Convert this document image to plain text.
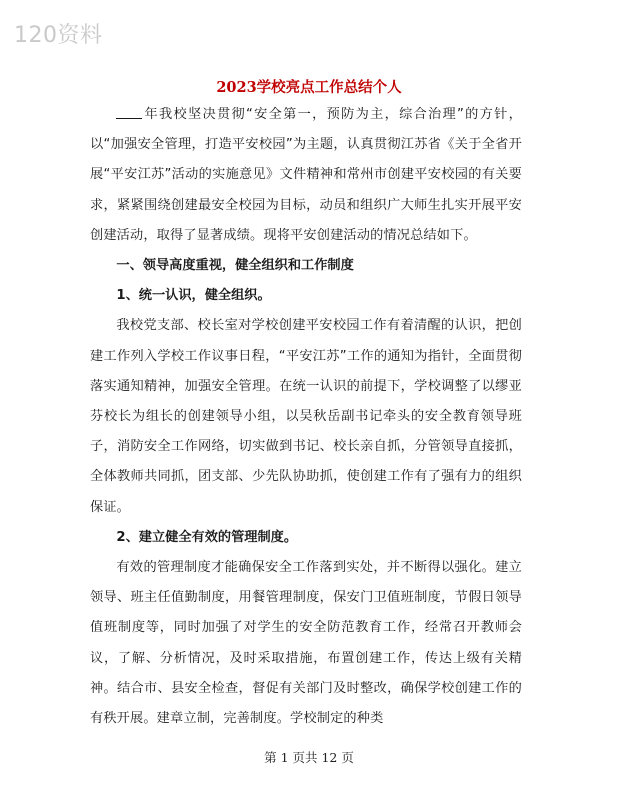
120资料
2023学校亮点工作总结个人

年我校坚决贯彻“安全第一，预防为主，综合治理”的方针，以“加强安全管理，打造平安校园”为主题，认真贯彻江苏省《关于全省开展“平安江苏”活动的实施意见》文件精神和常州市创建平安校园的有关要求，紧紧围绕创建最安全校园为目标，动员和组织广大师生扎实开展平安创建活动，取得了显著成绩。现将平安创建活动的情况总结如下。

一、领导高度重视，健全组织和工作制度

1、统一认识，健全组织。

我校党支部、校长室对学校创建平安校园工作有着清醒的认识，把创建工作列入学校工作议事日程，“平安江苏”工作的通知为指针，全面贯彻落实通知精神，加强安全管理。在统一认识的前提下，学校调整了以缪亚芬校长为组长的创建领导小组，以吴秋岳副书记牵头的安全教育领导班子，消防安全工作网络，切实做到书记、校长亲自抓，分管领导直接抓，全体教师共同抓，团支部、少先队协助抓，使创建工作有了强有力的组织保证。

2、建立健全有效的管理制度。

有效的管理制度才能确保安全工作落到实处，并不断得以强化。建立领导、班主任值勤制度，用餐管理制度，保安门卫值班制度，节假日领导值班制度等，同时加强了对学生的安全防范教育工作，经常召开教师会议，了解、分析情况，及时采取措施，布置创建工作，传达上级有关精神。结合市、县安全检查，督促有关部门及时整改，确保学校创建工作的有秩开展。建章立制，完善制度。学校制定的种类

第 1 页共 12 页
